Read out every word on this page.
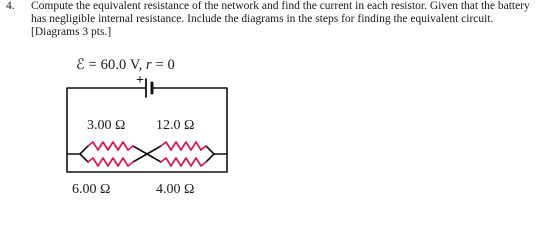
4. Compute the equivalent resistance of the network and find the current in each resistor. Given that the battery has negligible internal resistance. Include the diagrams in the steps for finding the equivalent circuit. [Diagrams 3 pts.]
ℰ = 60.0 V, r = 0
+
3.00 Ω 12.0 Ω
6.00 Ω	4.00 Ω
